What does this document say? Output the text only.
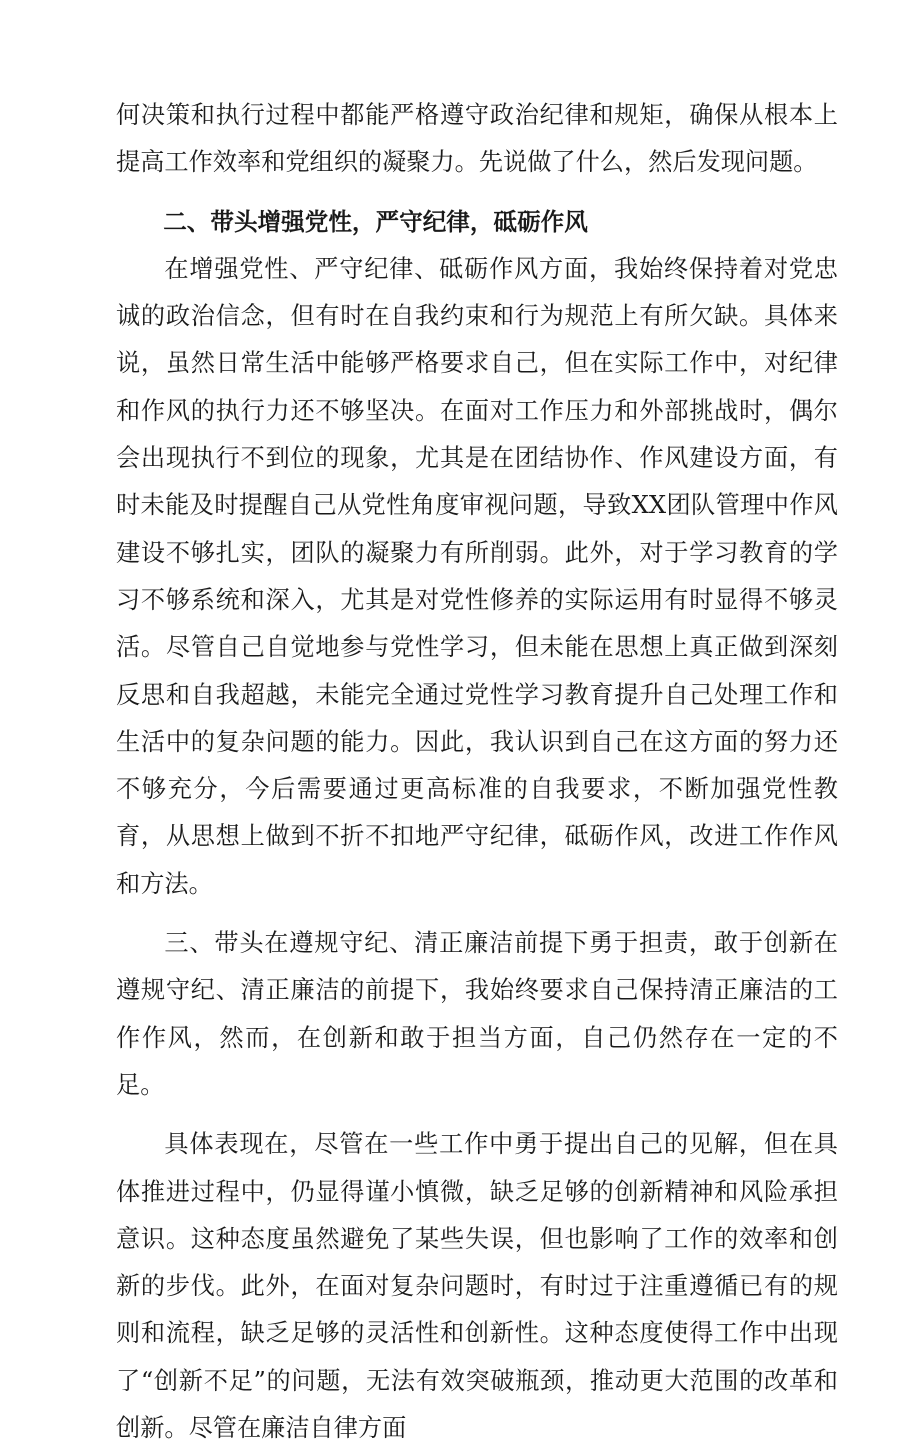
何决策和执行过程中都能严格遵守政治纪律和规矩，确保从根本上提高工作效率和党组织的凝聚力。先说做了什么，然后发现问题。

二、带头增强党性，严守纪律，砥砺作风

在增强党性、严守纪律、砥砺作风方面，我始终保持着对党忠诚的政治信念，但有时在自我约束和行为规范上有所欠缺。具体来说，虽然日常生活中能够严格要求自己，但在实际工作中，对纪律和作风的执行力还不够坚决。在面对工作压力和外部挑战时，偶尔会出现执行不到位的现象，尤其是在团结协作、作风建设方面，有时未能及时提醒自己从党性角度审视问题，导致XX团队管理中作风建设不够扎实，团队的凝聚力有所削弱。此外，对于学习教育的学习不够系统和深入，尤其是对党性修养的实际运用有时显得不够灵活。尽管自己自觉地参与党性学习，但未能在思想上真正做到深刻反思和自我超越，未能完全通过党性学习教育提升自己处理工作和生活中的复杂问题的能力。因此，我认识到自己在这方面的努力还不够充分，今后需要通过更高标准的自我要求，不断加强党性教育，从思想上做到不折不扣地严守纪律，砥砺作风，改进工作作风和方法。

三、带头在遵规守纪、清正廉洁前提下勇于担责，敢于创新在遵规守纪、清正廉洁的前提下，我始终要求自己保持清正廉洁的工作作风，然而，在创新和敢于担当方面，自己仍然存在一定的不足。

具体表现在，尽管在一些工作中勇于提出自己的见解，但在具体推进过程中，仍显得谨小慎微，缺乏足够的创新精神和风险承担意识。这种态度虽然避免了某些失误，但也影响了工作的效率和创新的步伐。此外，在面对复杂问题时，有时过于注重遵循已有的规则和流程，缺乏足够的灵活性和创新性。这种态度使得工作中出现了“创新不足”的问题，无法有效突破瓶颈，推动更大范围的改革和创新。尽管在廉洁自律方面
